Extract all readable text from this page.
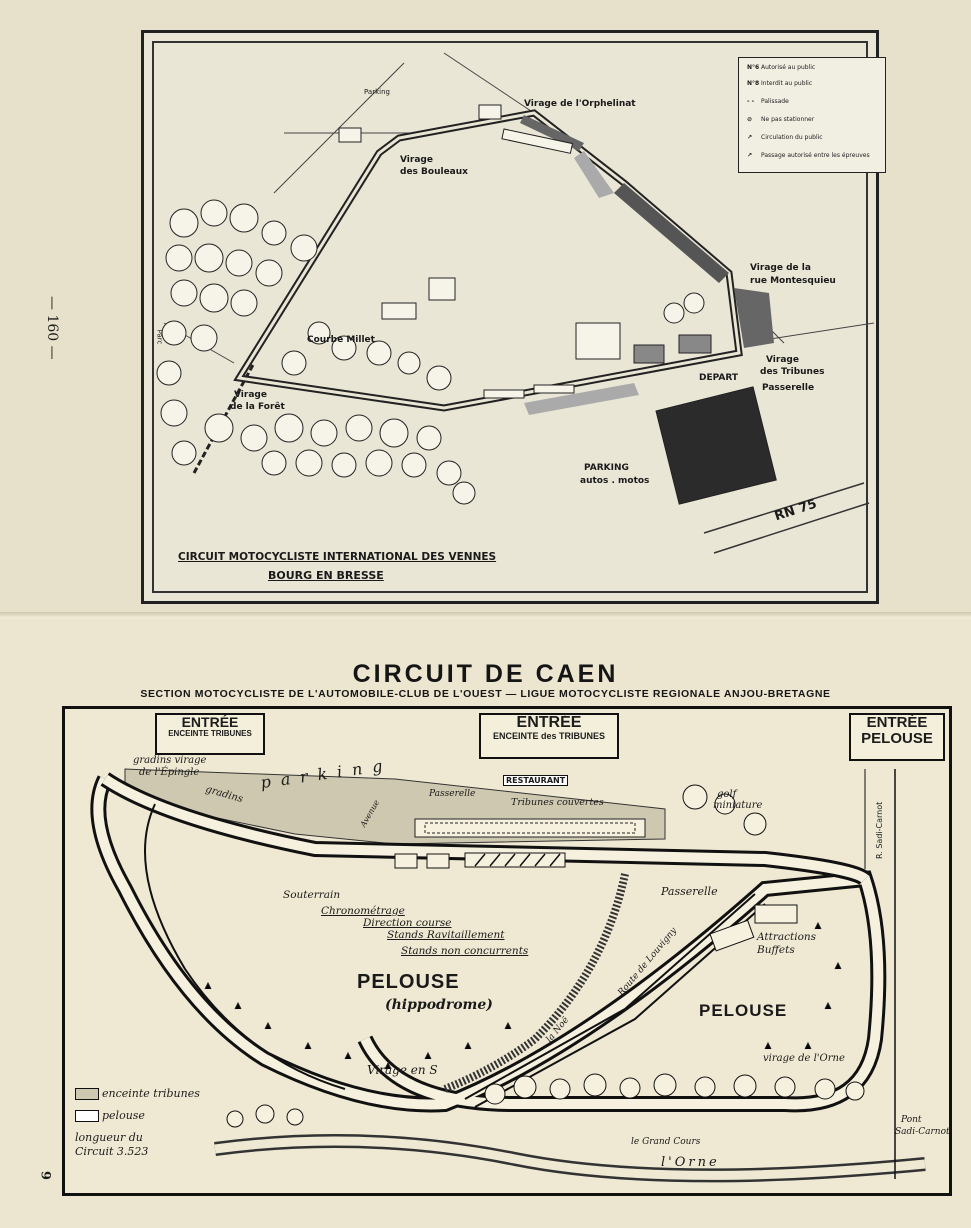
— 160 —
N°6 Autorisé au public
N°8 Interdit au public
- - Palissade
⊘ Ne pas stationner
↗ Circulation du public
↗ Passage autorisé entre les épreuves
Parking
Virage de l'Orphelinat
Virage
des Bouleaux
Virage de la
rue Montesquieu
Virage
des Tribunes
DEPART
Passerelle
Courbe Millet
Virage
de la Forêt
PARKING
autos . motos
RN 75
Parc
CIRCUIT MOTOCYCLISTE INTERNATIONAL DES VENNES
BOURG EN BRESSE
CIRCUIT DE CAEN
SECTION MOTOCYCLISTE DE L'AUTOMOBILE-CLUB DE L'OUEST — LIGUE MOTOCYCLISTE REGIONALE ANJOU-BRETAGNE
6
ENTRÉE
ENCEINTE TRIBUNES
ENTRÉE
ENCEINTE des TRIBUNES
ENTRÉE
PELOUSE
gradins virage
de l'Épingle
gradins
parking
Avenue
Passerelle
RESTAURANT
Tribunes couvertes
golf
miniature	R. Sadi-Carnot
Souterrain
Chronométrage
Direction course
Stands Ravitaillement
Stands non concurrents
Passerelle
Attractions
Buffets
Route de Louvigny
la Noë
PELOUSE
(hippodrome)	PELOUSE
virage de l'Orne
Virage en S
le Grand Cours
l'Orne
Pont
Sadi-Carnot
enceinte tribunes
pelouse
longueur du
Circuit 3.523
